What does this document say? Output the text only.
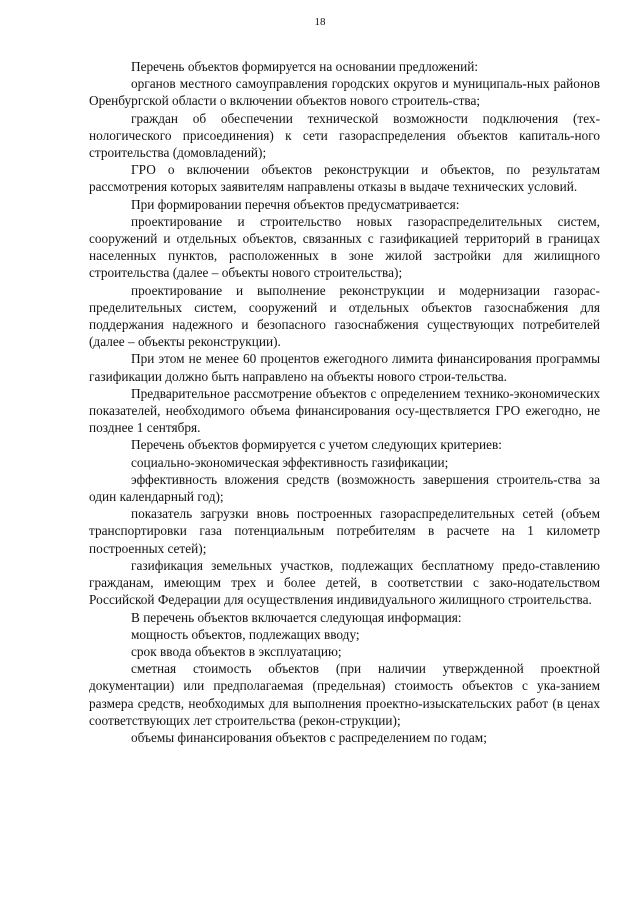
18

Перечень объектов формируется на основании предложений:

органов местного самоуправления городских округов и муниципаль-ных районов Оренбургской области о включении объектов нового строитель-ства;

граждан об обеспечении технической возможности подключения (тех-нологического присоединения) к сети газораспределения объектов капиталь-ного строительства (домовладений);

ГРО о включении объектов реконструкции и объектов, по результатам рассмотрения которых заявителям направлены отказы в выдаче технических условий.

При формировании перечня объектов предусматривается:

проектирование и строительство новых газораспределительных систем, сооружений и отдельных объектов, связанных с газификацией территорий в границах населенных пунктов, расположенных в зоне жилой застройки для жилищного строительства (далее – объекты нового строительства);

проектирование и выполнение реконструкции и модернизации газорас-пределительных систем, сооружений и отдельных объектов газоснабжения для поддержания надежного и безопасного газоснабжения существующих потребителей (далее – объекты реконструкции).

При этом не менее 60 процентов ежегодного лимита финансирования программы газификации должно быть направлено на объекты нового строи-тельства.

Предварительное рассмотрение объектов с определением технико-экономических показателей, необходимого объема финансирования осу-ществляется ГРО ежегодно, не позднее 1 сентября.

Перечень объектов формируется с учетом следующих критериев:

социально-экономическая эффективность газификации;

эффективность вложения средств (возможность завершения строитель-ства за один календарный год);

показатель загрузки вновь построенных газораспределительных сетей (объем транспортировки газа потенциальным потребителям в расчете на 1 километр построенных сетей);

газификация земельных участков, подлежащих бесплатному предо-ставлению гражданам, имеющим трех и более детей, в соответствии с зако-нодательством Российской Федерации для осуществления индивидуального жилищного строительства.

В перечень объектов включается следующая информация:

мощность объектов, подлежащих вводу;

срок ввода объектов в эксплуатацию;

сметная стоимость объектов (при наличии утвержденной проектной документации) или предполагаемая (предельная) стоимость объектов с ука-занием размера средств, необходимых для выполнения проектно-изыскательских работ (в ценах соответствующих лет строительства (рекон-струкции);

объемы финансирования объектов с распределением по годам;
